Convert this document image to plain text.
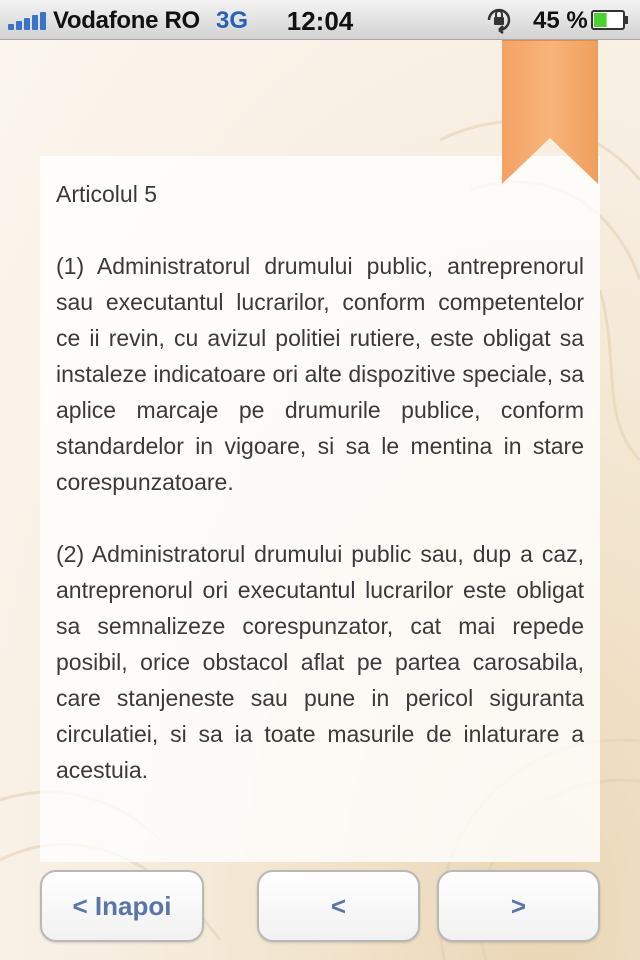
Vodafone RO 3G	12:04	45 %
Articolul 5

(1) Administratorul drumului public, antreprenorul sau executantul lucrarilor, conform competentelor ce ii revin, cu avizul politiei rutiere, este obligat sa instaleze indicatoare ori alte dispozitive speciale, sa aplice marcaje pe drumurile publice, conform standardelor in vigoare, si sa le mentina in stare corespunzatoare.

(2) Administratorul drumului public sau, dup a caz, antreprenorul ori executantul lucrarilor este obligat sa semnalizeze corespunzator, cat mai repede posibil, orice obstacol aflat pe partea carosabila, care stanjeneste sau pune in pericol siguranta circulatiei, si sa ia toate masurile de inlaturare a acestuia.

< Inapoi	<	>
